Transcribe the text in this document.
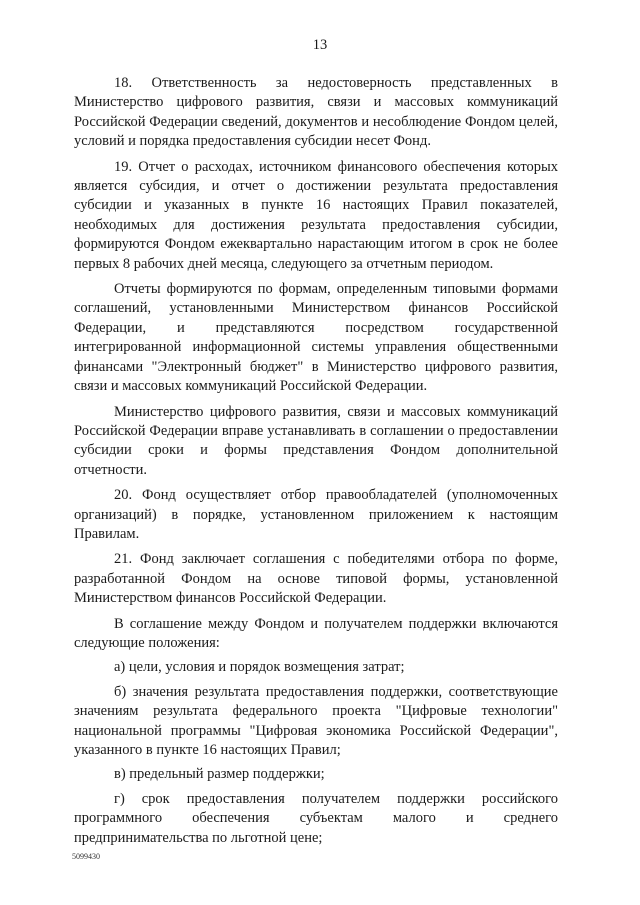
13

18. Ответственность за недостоверность представленных в Министерство цифрового развития, связи и массовых коммуникаций Российской Федерации сведений, документов и несоблюдение Фондом целей, условий и порядка предоставления субсидии несет Фонд.

19. Отчет о расходах, источником финансового обеспечения которых является субсидия, и отчет о достижении результата предоставления субсидии и указанных в пункте 16 настоящих Правил показателей, необходимых для достижения результата предоставления субсидии, формируются Фондом ежеквартально нарастающим итогом в срок не более первых 8 рабочих дней месяца, следующего за отчетным периодом.

Отчеты формируются по формам, определенным типовыми формами соглашений, установленными Министерством финансов Российской Федерации, и представляются посредством государственной интегрированной информационной системы управления общественными финансами "Электронный бюджет" в Министерство цифрового развития, связи и массовых коммуникаций Российской Федерации.

Министерство цифрового развития, связи и массовых коммуникаций Российской Федерации вправе устанавливать в соглашении о предоставлении субсидии сроки и формы представления Фондом дополнительной отчетности.

20. Фонд осуществляет отбор правообладателей (уполномоченных организаций) в порядке, установленном приложением к настоящим Правилам.

21. Фонд заключает соглашения с победителями отбора по форме, разработанной Фондом на основе типовой формы, установленной Министерством финансов Российской Федерации.

В соглашение между Фондом и получателем поддержки включаются следующие положения:

а) цели, условия и порядок возмещения затрат;

б) значения результата предоставления поддержки, соответствующие значениям результата федерального проекта "Цифровые технологии" национальной программы "Цифровая экономика Российской Федерации", указанного в пункте 16 настоящих Правил;

в) предельный размер поддержки;

г) срок предоставления получателем поддержки российского программного обеспечения субъектам малого и среднего предпринимательства по льготной цене;

5099430
